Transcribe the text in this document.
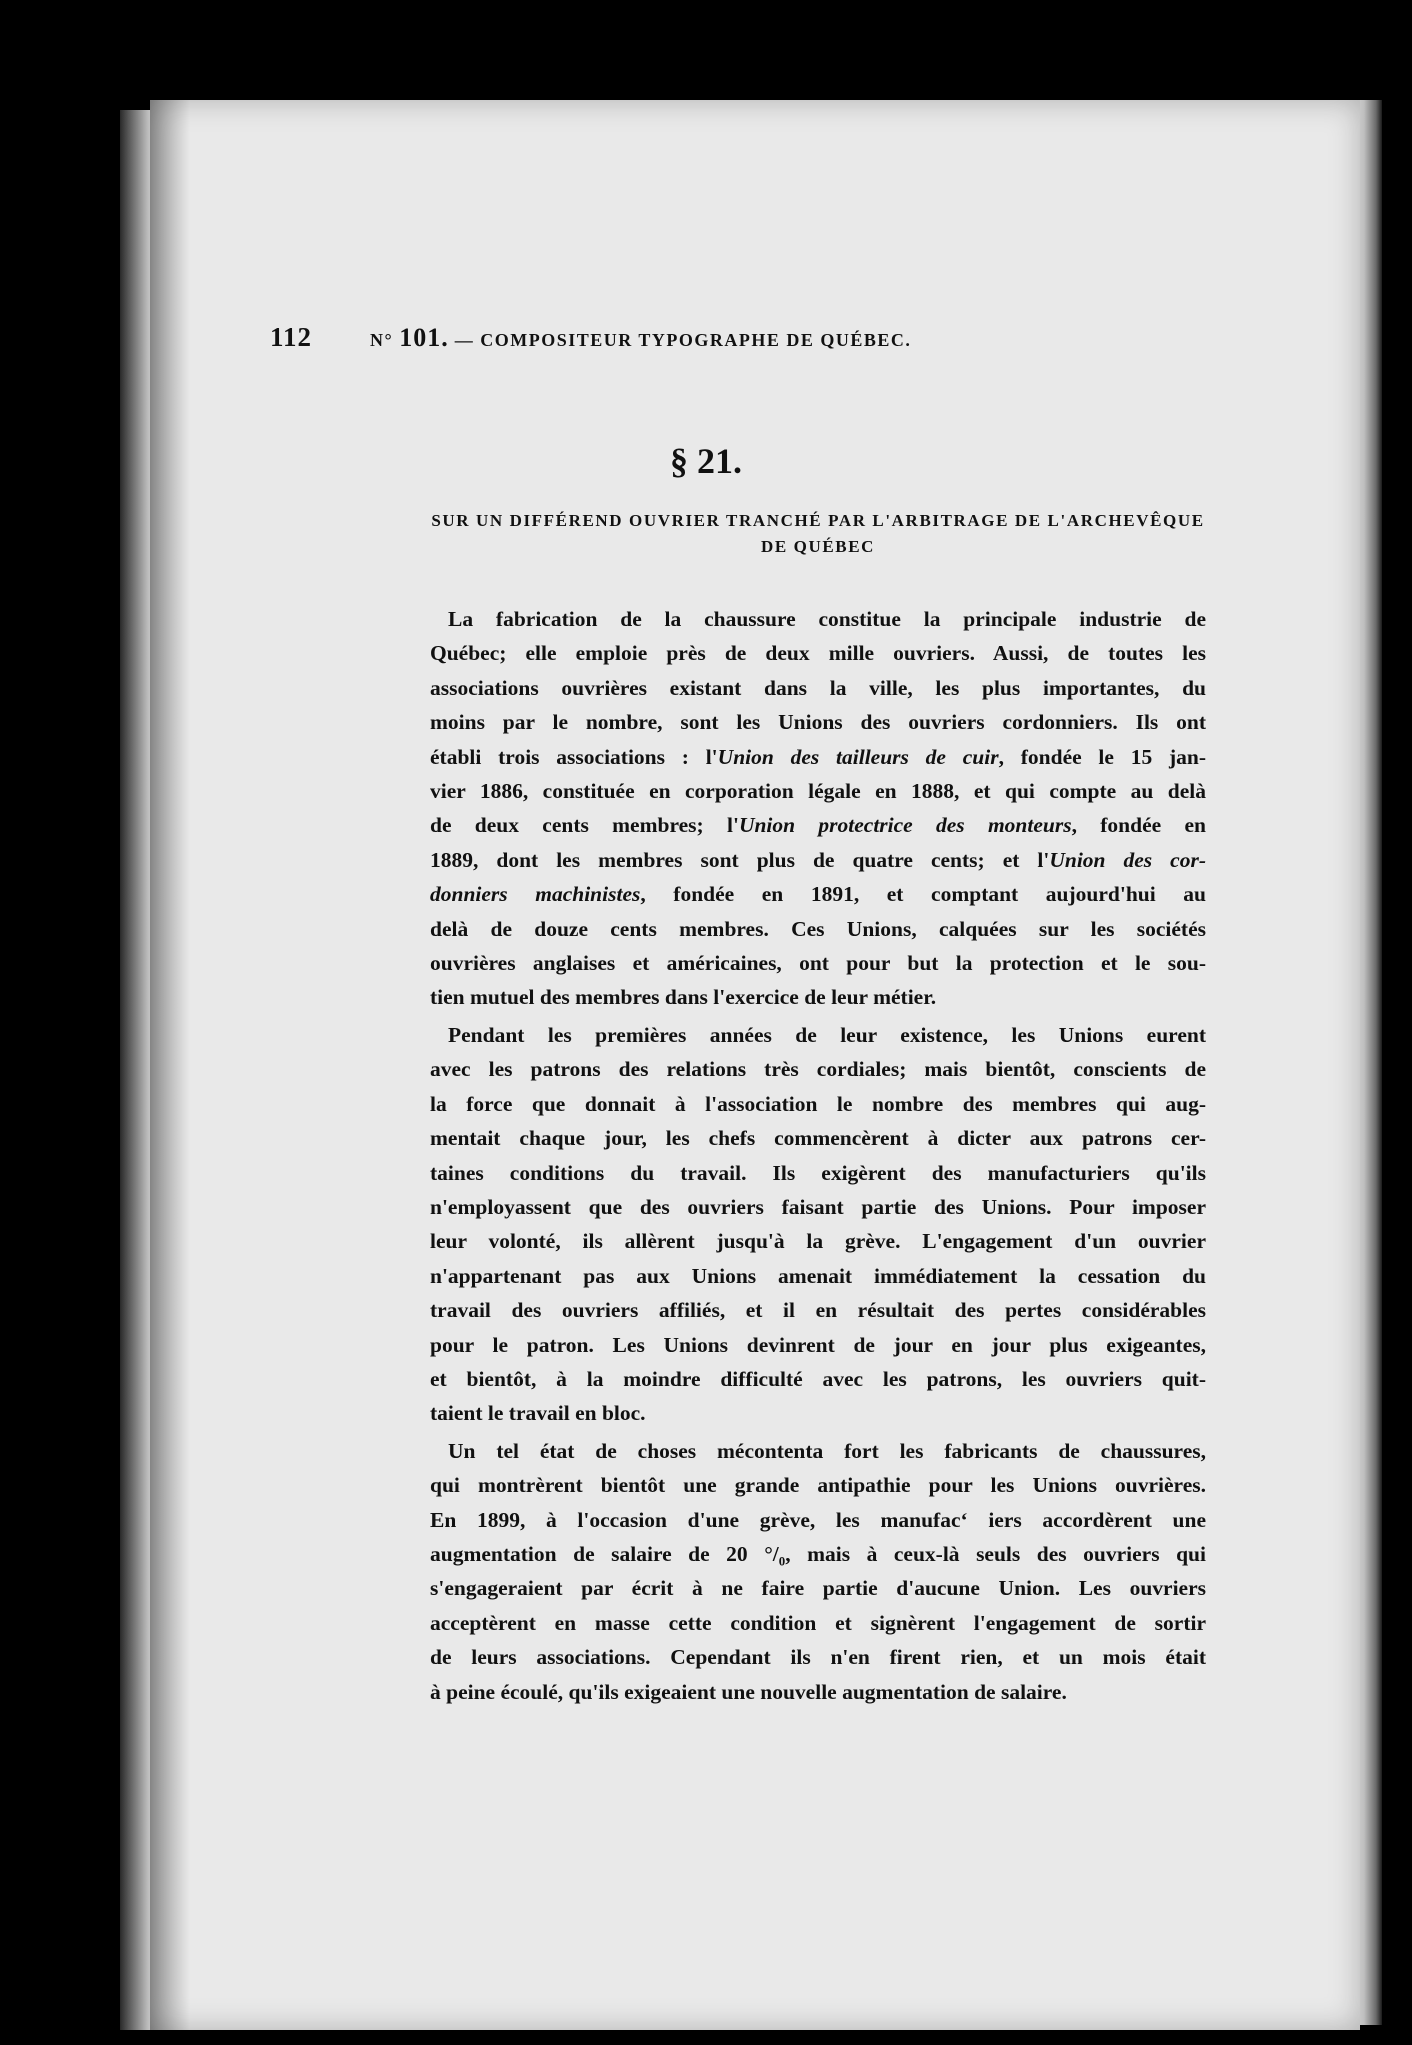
112	N° 101. — COMPOSITEUR TYPOGRAPHE DE QUÉBEC.
§ 21.
SUR UN DIFFÉREND OUVRIER TRANCHÉ PAR L'ARBITRAGE DE L'ARCHEVÊQUE
DE QUÉBEC
La fabrication de la chaussure constitue la principale industrie de
Québec; elle emploie près de deux mille ouvriers. Aussi, de toutes les
associations ouvrières existant dans la ville, les plus importantes, du
moins par le nombre, sont les Unions des ouvriers cordonniers. Ils ont
établi trois associations : l'Union des tailleurs de cuir, fondée le 15 jan-
vier 1886, constituée en corporation légale en 1888, et qui compte au delà
de deux cents membres; l'Union protectrice des monteurs, fondée en
1889, dont les membres sont plus de quatre cents; et l'Union des cor-
donniers machinistes, fondée en 1891, et comptant aujourd'hui au
delà de douze cents membres. Ces Unions, calquées sur les sociétés
ouvrières anglaises et américaines, ont pour but la protection et le sou-
tien mutuel des membres dans l'exercice de leur métier.
Pendant les premières années de leur existence, les Unions eurent
avec les patrons des relations très cordiales; mais bientôt, conscients de
la force que donnait à l'association le nombre des membres qui aug-
mentait chaque jour, les chefs commencèrent à dicter aux patrons cer-
taines conditions du travail. Ils exigèrent des manufacturiers qu'ils
n'employassent que des ouvriers faisant partie des Unions. Pour imposer
leur volonté, ils allèrent jusqu'à la grève. L'engagement d'un ouvrier
n'appartenant pas aux Unions amenait immédiatement la cessation du
travail des ouvriers affiliés, et il en résultait des pertes considérables
pour le patron. Les Unions devinrent de jour en jour plus exigeantes,
et bientôt, à la moindre difficulté avec les patrons, les ouvriers quit-
taient le travail en bloc.
Un tel état de choses mécontenta fort les fabricants de chaussures,
qui montrèrent bientôt une grande antipathie pour les Unions ouvrières.
En 1899, à l'occasion d'une grève, les manufac‘ iers accordèrent une
augmentation de salaire de 20 °/₀, mais à ceux-là seuls des ouvriers qui
s'engageraient par écrit à ne faire partie d'aucune Union. Les ouvriers
acceptèrent en masse cette condition et signèrent l'engagement de sortir
de leurs associations. Cependant ils n'en firent rien, et un mois était
à peine écoulé, qu'ils exigeaient une nouvelle augmentation de salaire.
